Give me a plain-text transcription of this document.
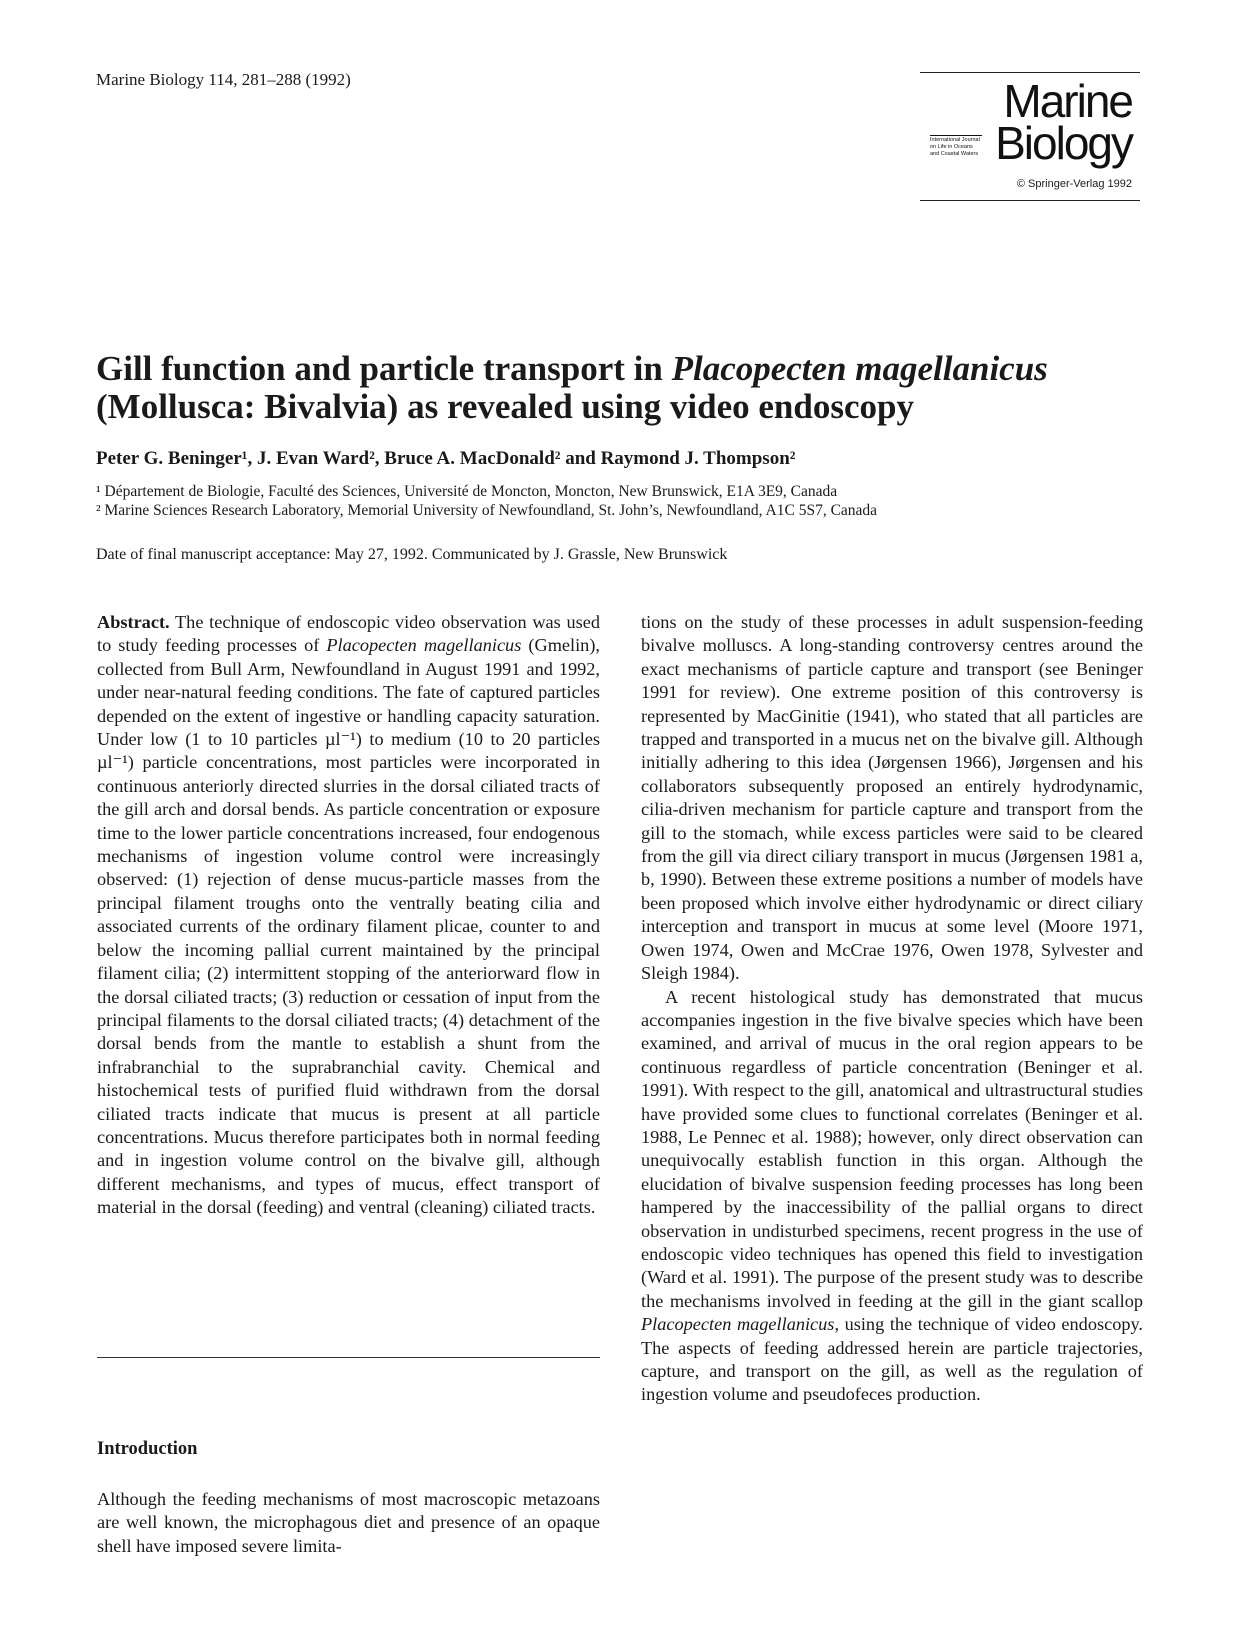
Marine Biology 114, 281–288 (1992)	Marine
International Journal on Life in Oceans and Coastal Waters Biology
© Springer-Verlag 1992
Gill function and particle transport in Placopecten magellanicus
(Mollusca: Bivalvia) as revealed using video endoscopy
Peter G. Beninger¹, J. Evan Ward², Bruce A. MacDonald² and Raymond J. Thompson²
¹ Département de Biologie, Faculté des Sciences, Université de Moncton, Moncton, New Brunswick, E1A 3E9, Canada
² Marine Sciences Research Laboratory, Memorial University of Newfoundland, St. John’s, Newfoundland, A1C 5S7, Canada
Date of final manuscript acceptance: May 27, 1992. Communicated by J. Grassle, New Brunswick

Abstract. The technique of endoscopic video observation was used to study feeding processes of Placopecten magellanicus (Gmelin), collected from Bull Arm, Newfoundland in August 1991 and 1992, under near-natural feeding conditions. The fate of captured particles depended on the extent of ingestive or handling capacity saturation. Under low (1 to 10 particles µl⁻¹) to medium (10 to 20 particles µl⁻¹) particle concentrations, most particles were incorporated in continuous anteriorly directed slurries in the dorsal ciliated tracts of the gill arch and dorsal bends. As particle concentration or exposure time to the lower particle concentrations increased, four endogenous mechanisms of ingestion volume control were increasingly observed: (1) rejection of dense mucus-particle masses from the principal filament troughs onto the ventrally beating cilia and associated currents of the ordinary filament plicae, counter to and below the incoming pallial current maintained by the principal filament cilia; (2) intermittent stopping of the anteriorward flow in the dorsal ciliated tracts; (3) reduction or cessation of input from the principal filaments to the dorsal ciliated tracts; (4) detachment of the dorsal bends from the mantle to establish a shunt from the infrabranchial to the suprabranchial cavity. Chemical and histochemical tests of purified fluid withdrawn from the dorsal ciliated tracts indicate that mucus is present at all particle concentrations. Mucus therefore participates both in normal feeding and in ingestion volume control on the bivalve gill, although different mechanisms, and types of mucus, effect transport of material in the dorsal (feeding) and ventral (cleaning) ciliated tracts.

Introduction
Although the feeding mechanisms of most macroscopic metazoans are well known, the microphagous diet and presence of an opaque shell have imposed severe limita-

tions on the study of these processes in adult suspension-feeding bivalve molluscs. A long-standing controversy centres around the exact mechanisms of particle capture and transport (see Beninger 1991 for review). One extreme position of this controversy is represented by MacGinitie (1941), who stated that all particles are trapped and transported in a mucus net on the bivalve gill. Although initially adhering to this idea (Jørgensen 1966), Jørgensen and his collaborators subsequently proposed an entirely hydrodynamic, cilia-driven mechanism for particle capture and transport from the gill to the stomach, while excess particles were said to be cleared from the gill via direct ciliary transport in mucus (Jørgensen 1981 a, b, 1990). Between these extreme positions a number of models have been proposed which involve either hydrodynamic or direct ciliary interception and transport in mucus at some level (Moore 1971, Owen 1974, Owen and McCrae 1976, Owen 1978, Sylvester and Sleigh 1984).

A recent histological study has demonstrated that mucus accompanies ingestion in the five bivalve species which have been examined, and arrival of mucus in the oral region appears to be continuous regardless of particle concentration (Beninger et al. 1991). With respect to the gill, anatomical and ultrastructural studies have provided some clues to functional correlates (Beninger et al. 1988, Le Pennec et al. 1988); however, only direct observation can unequivocally establish function in this organ. Although the elucidation of bivalve suspension feeding processes has long been hampered by the inaccessibility of the pallial organs to direct observation in undisturbed specimens, recent progress in the use of endoscopic video techniques has opened this field to investigation (Ward et al. 1991). The purpose of the present study was to describe the mechanisms involved in feeding at the gill in the giant scallop Placopecten magellanicus, using the technique of video endoscopy. The aspects of feeding addressed herein are particle trajectories, capture, and transport on the gill, as well as the regulation of ingestion volume and pseudofeces production.
